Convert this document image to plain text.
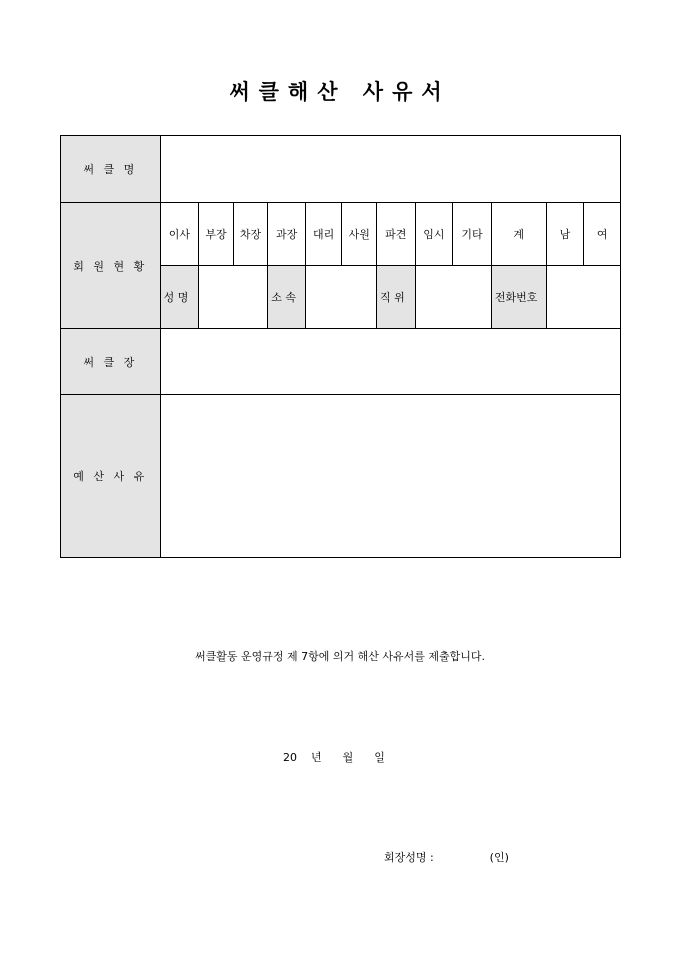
써클해산 사유서
써 클 명												
회 원 현 황	이사	부장	차장	과장	대리	사원	파견	임시	기타	계	남	여
	성 명			소 속			직 위			전화번호		
써 클 장												
예 산 사 유												
써클활동 운영규정 제 7항에 의거 해산 사유서를 제출합니다.
20 년 월 일
회장성명 :	(인)
